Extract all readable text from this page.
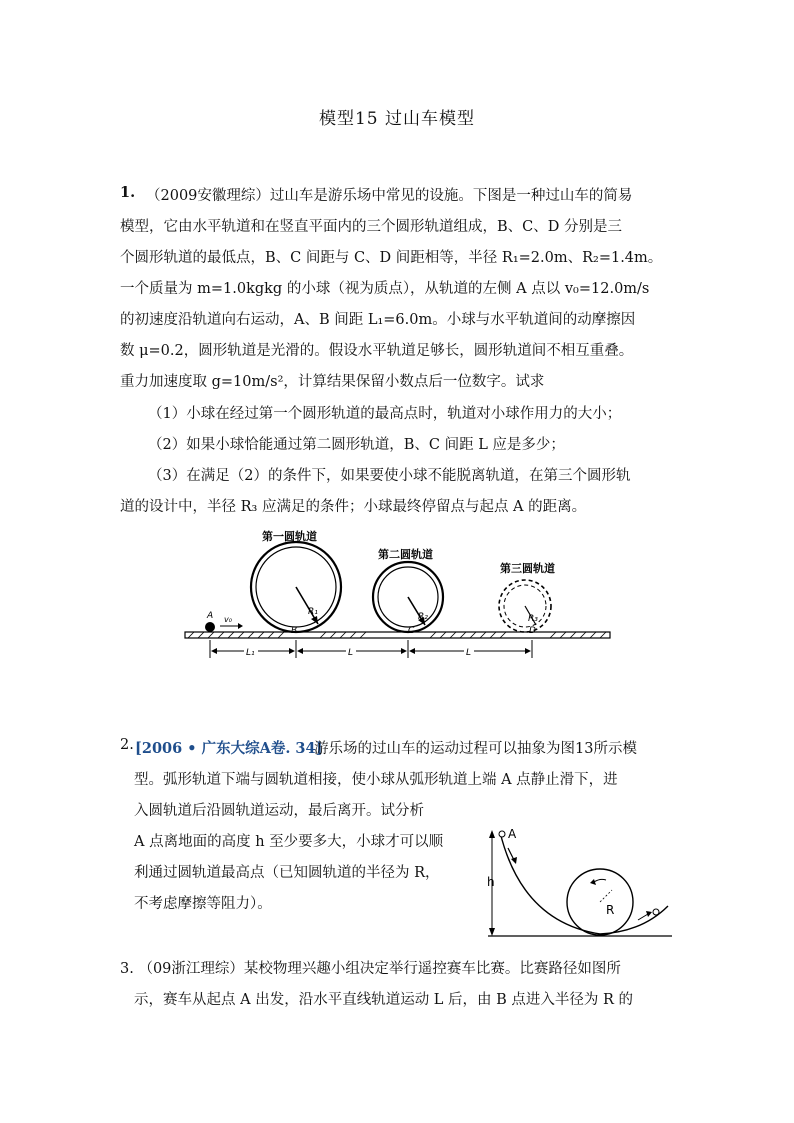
模型15 过山车模型
1. （2009安徽理综）过山车是游乐场中常见的设施。下图是一种过山车的简易
模型，它由水平轨道和在竖直平面内的三个圆形轨道组成，B、C、D 分别是三
个圆形轨道的最低点，B、C 间距与 C、D 间距相等，半径 R₁=2.0m、R₂=1.4m。
一个质量为 m=1.0kgkg 的小球（视为质点），从轨道的左侧 A 点以 v₀=12.0m/s
的初速度沿轨道向右运动，A、B 间距 L₁=6.0m。小球与水平轨道间的动摩擦因
数 μ=0.2，圆形轨道是光滑的。假设水平轨道足够长，圆形轨道间不相互重叠。
重力加速度取 g=10m/s²，计算结果保留小数点后一位数字。试求
（1）小球在经过第一个圆形轨道的最高点时，轨道对小球作用力的大小；
（2）如果小球恰能通过第二圆形轨道，B、C 间距 L 应是多少；
（3）在满足（2）的条件下，如果要使小球不能脱离轨道，在第三个圆形轨
道的设计中，半径 R₃ 应满足的条件；小球最终停留点与起点 A 的距离。
第一圆轨道
R₁
B
第二圆轨道
R₂
C
第三圆轨道
R₃
D
A v₀
L₁	L	L
2. [2006 • 广东大综A卷. 34]
游乐场的过山车的运动过程可以抽象为图13所示模
型。弧形轨道下端与圆轨道相接，使小球从弧形轨道上端 A 点静止滑下，进
入圆轨道后沿圆轨道运动，最后离开。试分析
A 点离地面的高度 h 至少要多大，小球才可以顺
利通过圆轨道最高点（已知圆轨道的半径为 R，
不考虑摩擦等阻力）。
h
A
R
3. （09浙江理综）某校物理兴趣小组决定举行遥控赛车比赛。比赛路径如图所
示，赛车从起点 A 出发，沿水平直线轨道运动 L 后，由 B 点进入半径为 R 的
